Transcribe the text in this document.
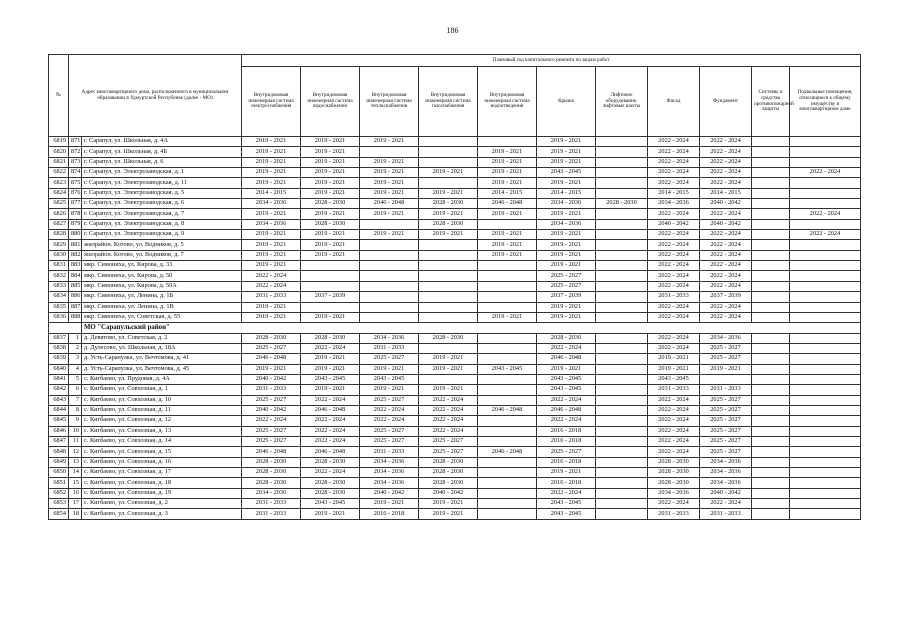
186
№	Адрес многоквартирного дома, расположенного в муниципальном образовании в Удмуртской Республике (далее - МО)		Плановый год капитального ремонта по видам работ										
			Внутридомовая инженерная система электроснабжения	Внутридомовая инженерная система водоснабжения	Внутридомовая инженерная система теплоснабжения	Внутридомовая инженерная система газоснабжения	Внутридомовая инженерная система водоотведения	Крыша	Лифтовое оборудование, лифтовые шахты	Фасад	Фундамент	Системы и средства противопожарной защиты	Подвальные помещения, относящиеся к общему имуществу в многоквартирном доме
6819	871	г. Сарапул, ул. Школьная, д. 4А	2019 - 2021	2019 - 2021	2019 - 2021			2019 - 2021		2022 - 2024	2022 - 2024		
6820	872	г. Сарапул, ул. Школьная, д. 4Б	2019 - 2021	2019 - 2021			2019 - 2021	2019 - 2021		2022 - 2024	2022 - 2024		
6821	873	г. Сарапул, ул. Школьная, д. 6	2019 - 2021	2019 - 2021	2019 - 2021		2019 - 2021	2019 - 2021		2022 - 2024	2022 - 2024		
6822	874	г. Сарапул, ул. Электрозаводская, д. 1	2019 - 2021	2019 - 2021	2019 - 2021	2019 - 2021	2019 - 2021	2043 - 2045		2022 - 2024	2022 - 2024		2022 - 2024
6823	875	г. Сарапул, ул. Электрозаводская, д. 11	2019 - 2021	2019 - 2021	2019 - 2021		2019 - 2021	2019 - 2021		2022 - 2024	2022 - 2024		
6824	876	г. Сарапул, ул. Электрозаводская, д. 5	2014 - 2015	2019 - 2021	2019 - 2021	2019 - 2021	2014 - 2015	2014 - 2015		2014 - 2015	2014 - 2015		
6825	877	г. Сарапул, ул. Электрозаводская, д. 6	2034 - 2036	2028 - 2030	2046 - 2048	2028 - 2030	2046 - 2048	2034 - 2036	2028 - 2030	2034 - 2036	2040 - 2042		
6826	878	г. Сарапул, ул. Электрозаводская, д. 7	2019 - 2021	2019 - 2021	2019 - 2021	2019 - 2021	2019 - 2021	2019 - 2021		2022 - 2024	2022 - 2024		2022 - 2024
6827	879	г. Сарапул, ул. Электрозаводская, д. 8	2034 - 2036	2028 - 2030		2028 - 2030		2034 - 2036		2040 - 2042	2040 - 2042		
6828	880	г. Сарапул, ул. Электрозаводская, д. 9	2019 - 2021	2019 - 2021	2019 - 2021	2019 - 2021	2019 - 2021	2019 - 2021		2022 - 2024	2022 - 2024		2022 - 2024
6829	881	жилрайон. Котово, ул. Водников, д. 5	2019 - 2021	2019 - 2021			2019 - 2021	2019 - 2021		2022 - 2024	2022 - 2024		
6830	882	жилрайон. Котово, ул. Водников, д. 7	2019 - 2021	2019 - 2021			2019 - 2021	2019 - 2021		2022 - 2024	2022 - 2024		
6831	883	мкр. Симониха, ул. Кирова, д. 33	2019 - 2021					2019 - 2021		2022 - 2024	2022 - 2024		
6832	884	мкр. Симониха, ул. Кирова, д. 50	2022 - 2024					2025 - 2027		2022 - 2024	2022 - 2024		
6833	885	мкр. Симониха, ул. Кирова, д. 50А	2022 - 2024					2025 - 2027		2022 - 2024	2022 - 2024		
6834	886	мкр. Симониха, ул. Ленина, д. 1Б	2031 - 2033	2037 - 2039				2037 - 2039		2031 - 2033	2037 - 2039		
6835	887	мкр. Симониха, ул. Ленина, д. 1В	2019 - 2021					2019 - 2021		2022 - 2024	2022 - 2024		
6836	888	мкр. Симониха, ул. Советская, д. 55	2019 - 2021	2019 - 2021			2019 - 2021	2019 - 2021		2022 - 2024	2022 - 2024		
		МО "Сарапульский район"											
6837	1	д. Девятово, ул. Советская, д. 2	2028 - 2030	2028 - 2030	2034 - 2036	2028 - 2030		2028 - 2030		2022 - 2024	2034 - 2036		
6838	2	д. Дулесово, ул. Школьная, д. 18А	2025 - 2027	2022 - 2024	2031 - 2033			2022 - 2024		2022 - 2024	2025 - 2027		
6839	3	д. Усть-Сарапулка, ул. Вечтомова, д. 41	2046 - 2048	2019 - 2021	2025 - 2027	2019 - 2021		2046 - 2048		2019 - 2021	2025 - 2027		
6840	4	д. Усть-Сарапулка, ул. Вечтомова, д. 45	2019 - 2021	2019 - 2021	2019 - 2021	2019 - 2021	2043 - 2045	2019 - 2021		2019 - 2021	2019 - 2021		
6841	5	с. Кигбаево, ул. Прудовая, д. 4А	2040 - 2042	2043 - 2045	2043 - 2045			2043 - 2045		2043 - 2045			
6842	6	с. Кигбаево, ул. Совхозная, д. 1	2031 - 2033	2019 - 2021	2019 - 2021	2019 - 2021		2043 - 2045		2031 - 2033	2031 - 2033		
6843	7	с. Кигбаево, ул. Совхозная, д. 10	2025 - 2027	2022 - 2024	2025 - 2027	2022 - 2024		2022 - 2024		2022 - 2024	2025 - 2027		
6844	8	с. Кигбаево, ул. Совхозная, д. 11	2040 - 2042	2046 - 2048	2022 - 2024	2022 - 2024	2046 - 2048	2046 - 2048		2022 - 2024	2025 - 2027		
6845	9	с. Кигбаево, ул. Совхозная, д. 12	2022 - 2024	2022 - 2024	2022 - 2024	2022 - 2024		2022 - 2024		2022 - 2024	2025 - 2027		
6846	10	с. Кигбаево, ул. Совхозная, д. 13	2025 - 2027	2022 - 2024	2025 - 2027	2022 - 2024		2016 - 2018		2022 - 2024	2025 - 2027		
6847	11	с. Кигбаево, ул. Совхозная, д. 14	2025 - 2027	2022 - 2024	2025 - 2027	2025 - 2027		2016 - 2018		2022 - 2024	2025 - 2027		
6848	12	с. Кигбаево, ул. Совхозная, д. 15	2046 - 2048	2046 - 2048	2031 - 2033	2025 - 2027	2046 - 2048	2025 - 2027		2022 - 2024	2025 - 2027		
6849	13	с. Кигбаево, ул. Совхозная, д. 16	2028 - 2030	2028 - 2030	2034 - 2036	2028 - 2030		2016 - 2018		2028 - 2030	2034 - 2036		
6850	14	с. Кигбаево, ул. Совхозная, д. 17	2028 - 2030	2022 - 2024	2034 - 2036	2028 - 2030		2019 - 2021		2028 - 2030	2034 - 2036		
6851	15	с. Кигбаево, ул. Совхозная, д. 18	2028 - 2030	2028 - 2030	2034 - 2036	2028 - 2030		2016 - 2018		2028 - 2030	2034 - 2036		
6852	16	с. Кигбаево, ул. Совхозная, д. 19	2034 - 2036	2028 - 2030	2040 - 2042	2040 - 2042		2022 - 2024		2034 - 2036	2040 - 2042		
6853	17	с. Кигбаево, ул. Совхозная, д. 2	2031 - 2033	2043 - 2045	2019 - 2021	2019 - 2021		2043 - 2045		2022 - 2024	2022 - 2024		
6854	18	с. Кигбаево, ул. Совхозная, д. 3	2031 - 2033	2019 - 2021	2016 - 2018	2019 - 2021		2043 - 2045		2031 - 2033	2031 - 2033		
